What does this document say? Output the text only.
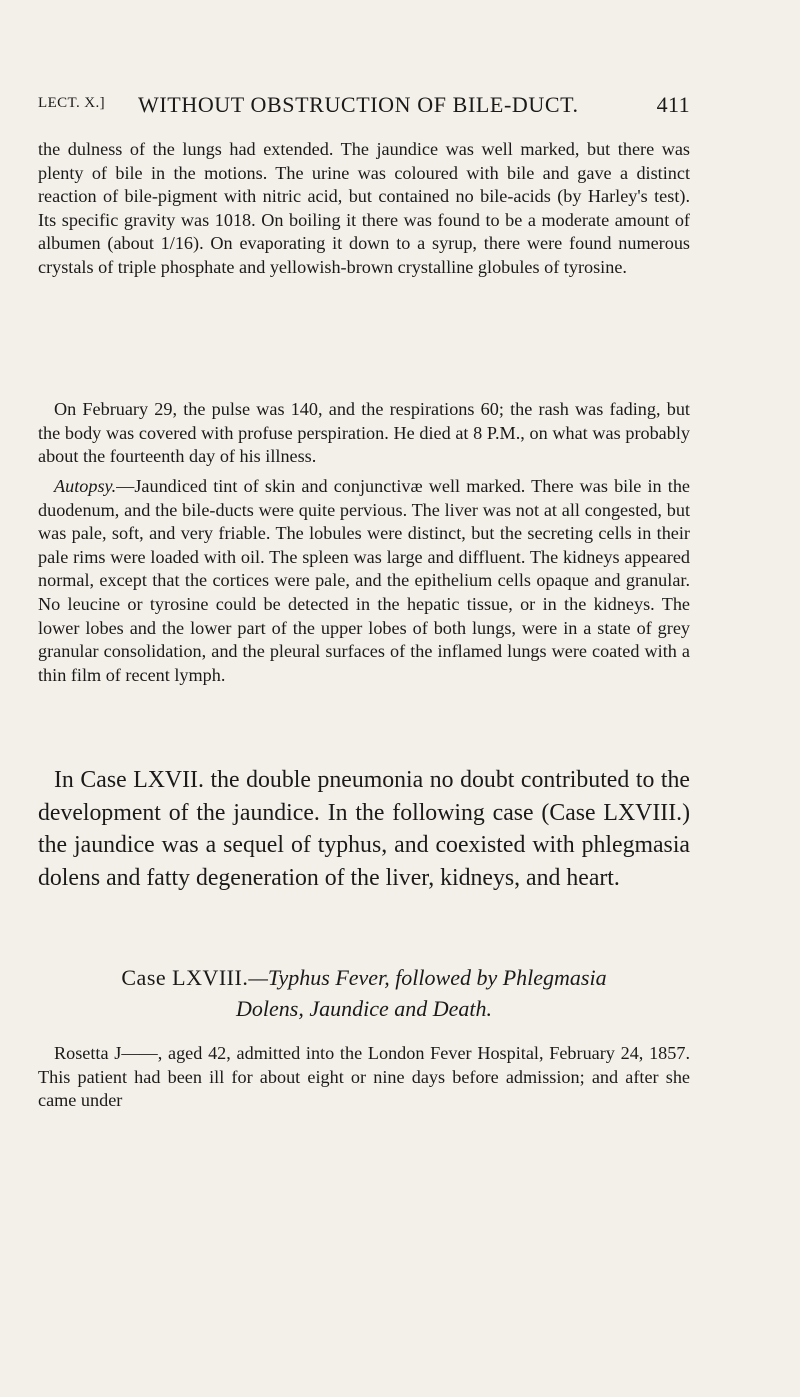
LECT. X.] WITHOUT OBSTRUCTION OF BILE-DUCT.	411

the dulness of the lungs had extended. The jaundice was well marked, but there was plenty of bile in the motions. The urine was coloured with bile and gave a distinct reaction of bile-pigment with nitric acid, but contained no bile-acids (by Harley's test). Its specific gravity was 1018. On boiling it there was found to be a moderate amount of albumen (about 1/16). On evaporating it down to a syrup, there were found numerous crystals of triple phosphate and yellowish-brown crystalline globules of tyrosine.

On February 29, the pulse was 140, and the respirations 60; the rash was fading, but the body was covered with profuse perspiration. He died at 8 P.M., on what was probably about the fourteenth day of his illness.

Autopsy.—Jaundiced tint of skin and conjunctivæ well marked. There was bile in the duodenum, and the bile-ducts were quite pervious. The liver was not at all congested, but was pale, soft, and very friable. The lobules were distinct, but the secreting cells in their pale rims were loaded with oil. The spleen was large and diffluent. The kidneys appeared normal, except that the cortices were pale, and the epithelium cells opaque and granular. No leucine or tyrosine could be detected in the hepatic tissue, or in the kidneys. The lower lobes and the lower part of the upper lobes of both lungs, were in a state of grey granular consolidation, and the pleural surfaces of the inflamed lungs were coated with a thin film of recent lymph.

In Case LXVII. the double pneumonia no doubt contributed to the development of the jaundice. In the following case (Case LXVIII.) the jaundice was a sequel of typhus, and coexisted with phlegmasia dolens and fatty degeneration of the liver, kidneys, and heart.

Case LXVIII.—Typhus Fever, followed by Phlegmasia
Dolens, Jaundice and Death.

Rosetta J——, aged 42, admitted into the London Fever Hospital, February 24, 1857. This patient had been ill for about eight or nine days before admission; and after she came under
